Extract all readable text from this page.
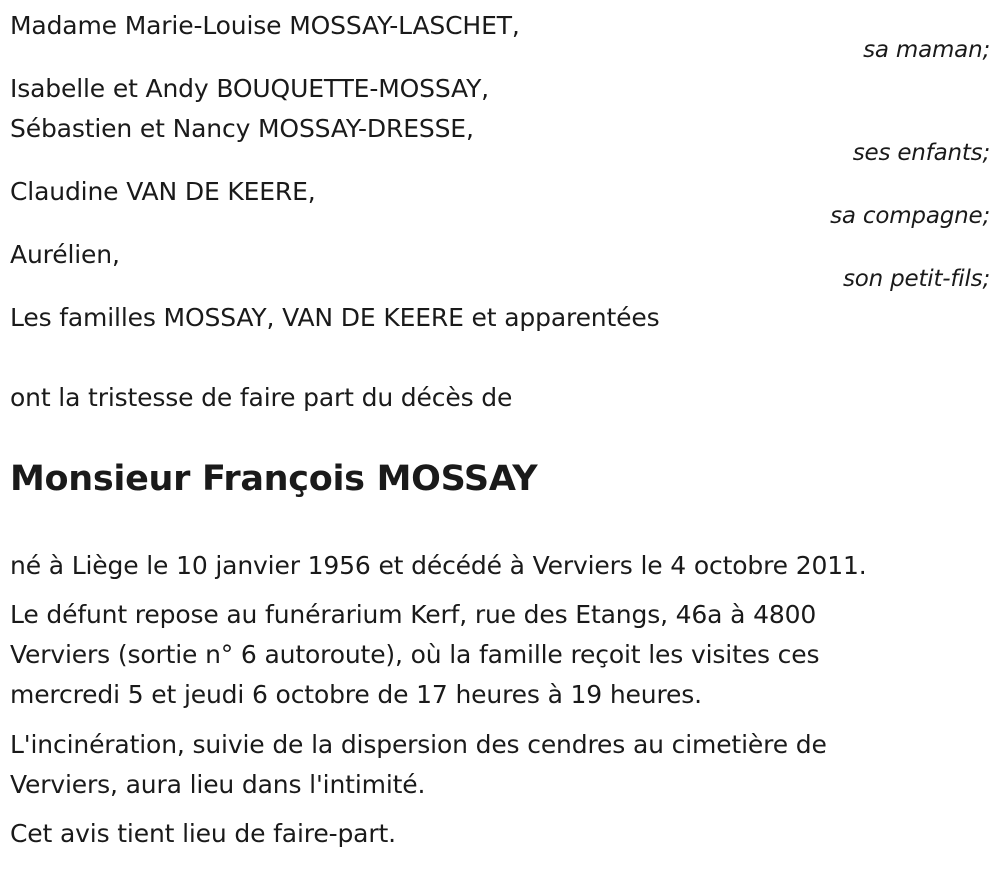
Madame Marie-Louise MOSSAY-LASCHET,
sa maman;
Isabelle et Andy BOUQUETTE-MOSSAY,
Sébastien et Nancy MOSSAY-DRESSE,
ses enfants;
Claudine VAN DE KEERE,
sa compagne;
Aurélien,
son petit-fils;
Les familles MOSSAY, VAN DE KEERE et apparentées
ont la tristesse de faire part du décès de
Monsieur François MOSSAY
né à Liège le 10 janvier 1956 et décédé à Verviers le 4 octobre 2011.
Le défunt repose au funérarium Kerf, rue des Etangs, 46a à 4800
Verviers (sortie n° 6 autoroute), où la famille reçoit les visites ces
mercredi 5 et jeudi 6 octobre de 17 heures à 19 heures.
L'incinération, suivie de la dispersion des cendres au cimetière de
Verviers, aura lieu dans l'intimité.
Cet avis tient lieu de faire-part.
